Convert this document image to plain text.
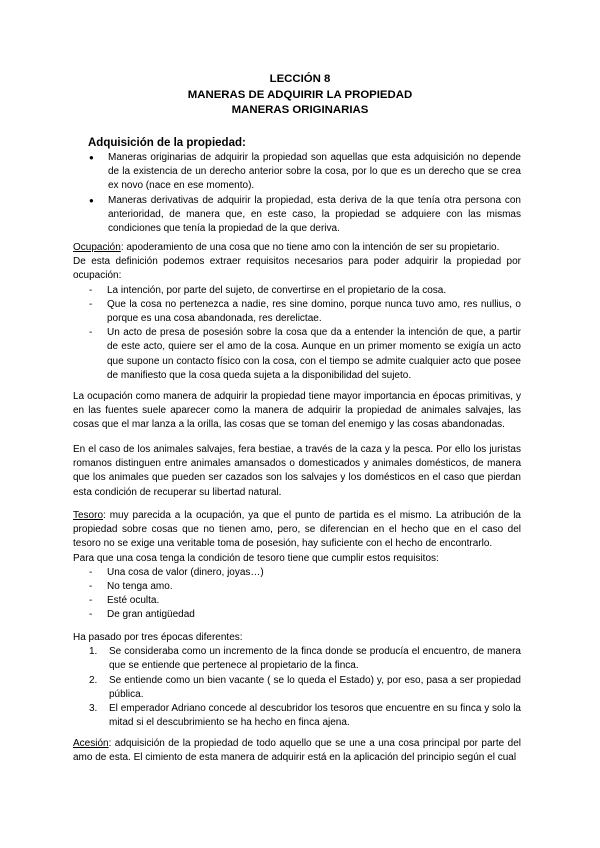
LECCIÓN 8
MANERAS DE ADQUIRIR LA PROPIEDAD
MANERAS ORIGINARIAS
Adquisición de la propiedad:
● Maneras originarias de adquirir la propiedad son aquellas que esta adquisición no depende de la existencia de un derecho anterior sobre la cosa, por lo que es un derecho que se crea ex novo (nace en ese momento).
● Maneras derivativas de adquirir la propiedad, esta deriva de la que tenía otra persona con anterioridad, de manera que, en este caso, la propiedad se adquiere con las mismas condiciones que tenía la propiedad de la que deriva.
Ocupación: apoderamiento de una cosa que no tiene amo con la intención de ser su propietario.
De esta definición podemos extraer requisitos necesarios para poder adquirir la propiedad por ocupación:
- La intención, por parte del sujeto, de convertirse en el propietario de la cosa.
- Que la cosa no pertenezca a nadie, res sine domino, porque nunca tuvo amo, res nullius, o porque es una cosa abandonada, res derelictae.
- Un acto de presa de posesión sobre la cosa que da a entender la intención de que, a partir de este acto, quiere ser el amo de la cosa. Aunque en un primer momento se exigía un acto que supone un contacto físico con la cosa, con el tiempo se admite cualquier acto que posee de manifiesto que la cosa queda sujeta a la disponibilidad del sujeto.
La ocupación como manera de adquirir la propiedad tiene mayor importancia en épocas primitivas, y en las fuentes suele aparecer como la manera de adquirir la propiedad de animales salvajes, las cosas que el mar lanza a la orilla, las cosas que se toman del enemigo y las cosas abandonadas.
En el caso de los animales salvajes, fera bestiae, a través de la caza y la pesca. Por ello los juristas romanos distinguen entre animales amansados o domesticados y animales domésticos, de manera que los animales que pueden ser cazados son los salvajes y los domésticos en el caso que pierdan esta condición de recuperar su libertad natural.
Tesoro: muy parecida a la ocupación, ya que el punto de partida es el mismo. La atribución de la propiedad sobre cosas que no tienen amo, pero, se diferencian en el hecho que en el caso del tesoro no se exige una veritable toma de posesión, hay suficiente con el hecho de encontrarlo.
Para que una cosa tenga la condición de tesoro tiene que cumplir estos requisitos:
- Una cosa de valor (dinero, joyas…)
- No tenga amo.
- Esté oculta.
- De gran antigüedad
Ha pasado por tres épocas diferentes:
1. Se consideraba como un incremento de la finca donde se producía el encuentro, de manera que se entiende que pertenece al propietario de la finca.
2. Se entiende como un bien vacante ( se lo queda el Estado) y, por eso, pasa a ser propiedad pública.
3. El emperador Adriano concede al descubridor los tesoros que encuentre en su finca y solo la mitad si el descubrimiento se ha hecho en finca ajena.
Acesión: adquisición de la propiedad de todo aquello que se une a una cosa principal por parte del amo de esta. El cimiento de esta manera de adquirir está en la aplicación del principio según el cual
